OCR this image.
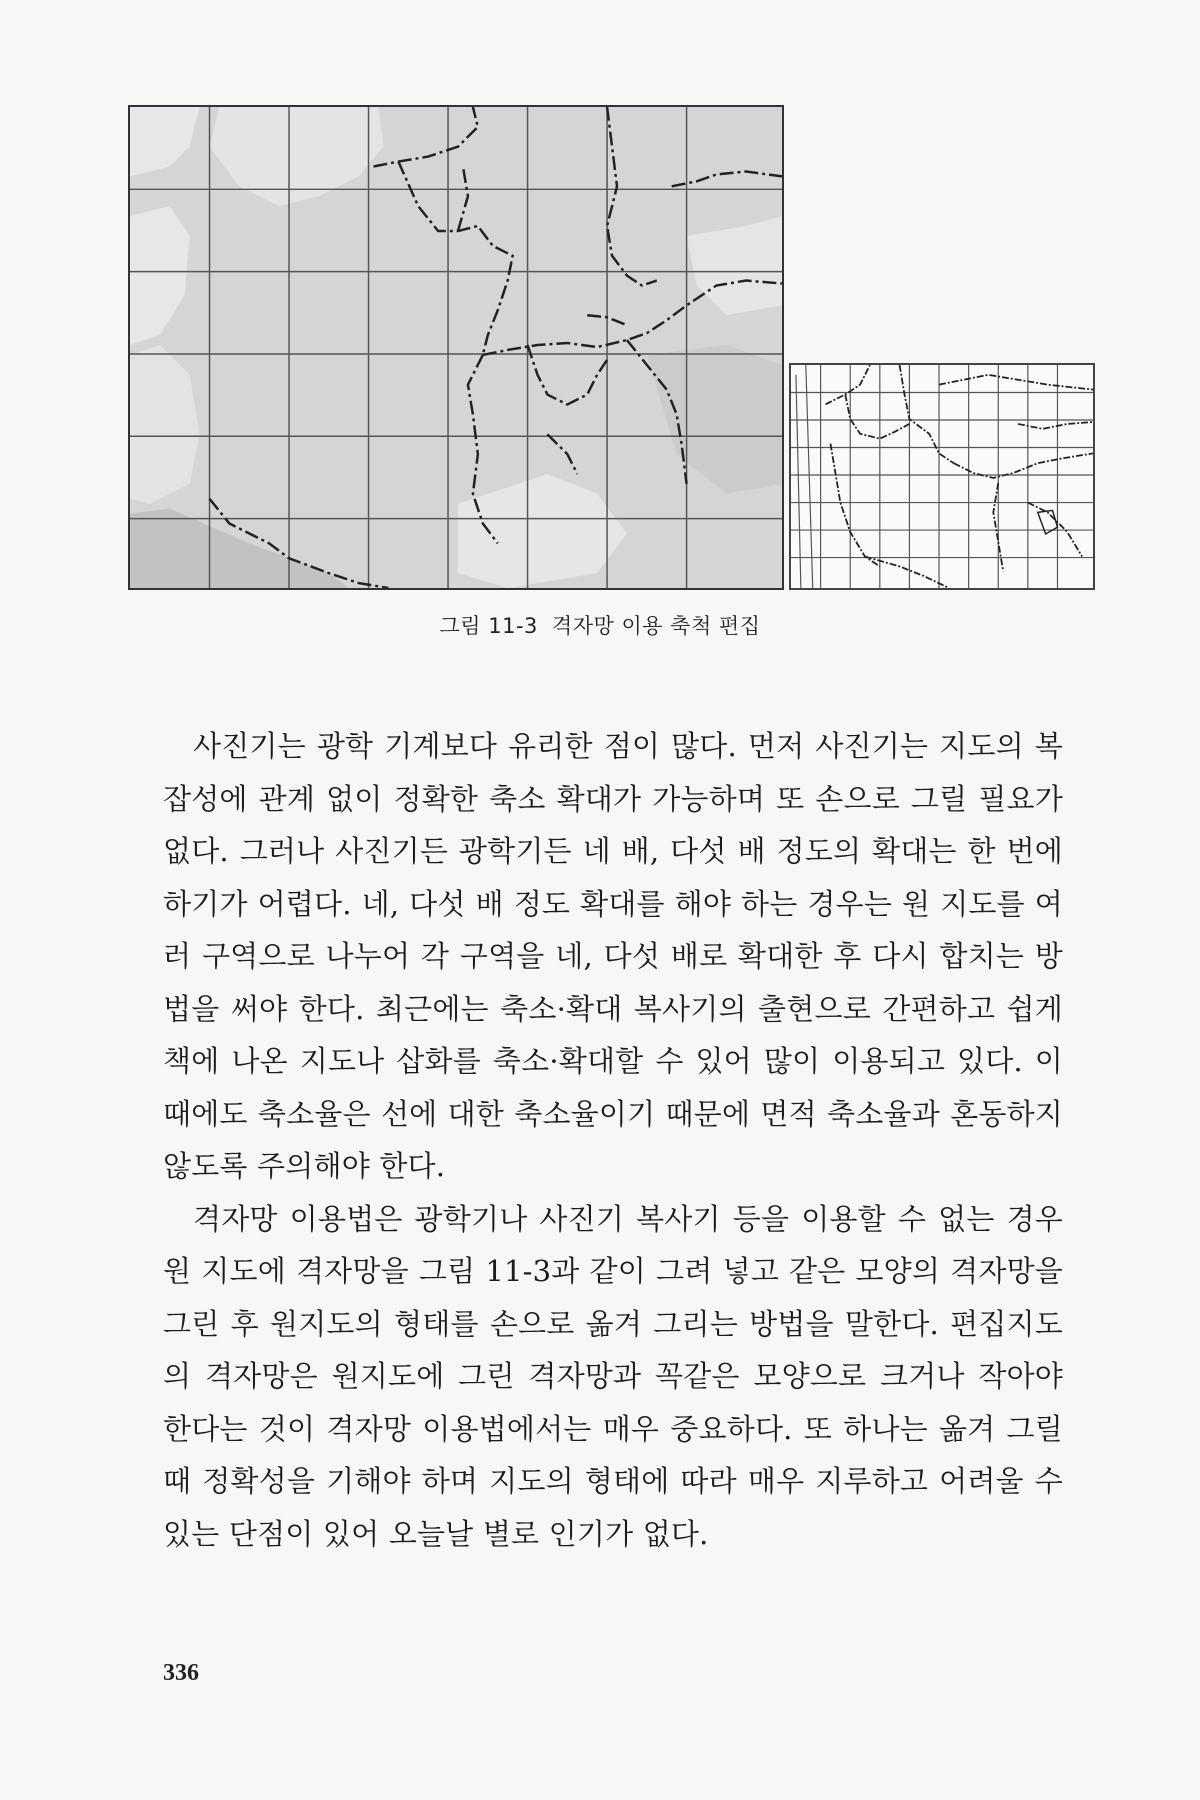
그림 11-3 격자망 이용 축척 편집

사진기는 광학 기계보다 유리한 점이 많다. 먼저 사진기는 지도의 복잡성에 관계 없이 정확한 축소 확대가 가능하며 또 손으로 그릴 필요가 없다. 그러나 사진기든 광학기든 네 배, 다섯 배 정도의 확대는 한 번에 하기가 어렵다. 네, 다섯 배 정도 확대를 해야 하는 경우는 원 지도를 여러 구역으로 나누어 각 구역을 네, 다섯 배로 확대한 후 다시 합치는 방법을 써야 한다. 최근에는 축소·확대 복사기의 출현으로 간편하고 쉽게 책에 나온 지도나 삽화를 축소·확대할 수 있어 많이 이용되고 있다. 이때에도 축소율은 선에 대한 축소율이기 때문에 면적 축소율과 혼동하지 않도록 주의해야 한다.

격자망 이용법은 광학기나 사진기 복사기 등을 이용할 수 없는 경우 원 지도에 격자망을 그림 11-3과 같이 그려 넣고 같은 모양의 격자망을 그린 후 원지도의 형태를 손으로 옮겨 그리는 방법을 말한다. 편집지도의 격자망은 원지도에 그린 격자망과 꼭같은 모양으로 크거나 작아야 한다는 것이 격자망 이용법에서는 매우 중요하다. 또 하나는 옮겨 그릴 때 정확성을 기해야 하며 지도의 형태에 따라 매우 지루하고 어려울 수 있는 단점이 있어 오늘날 별로 인기가 없다.

336
